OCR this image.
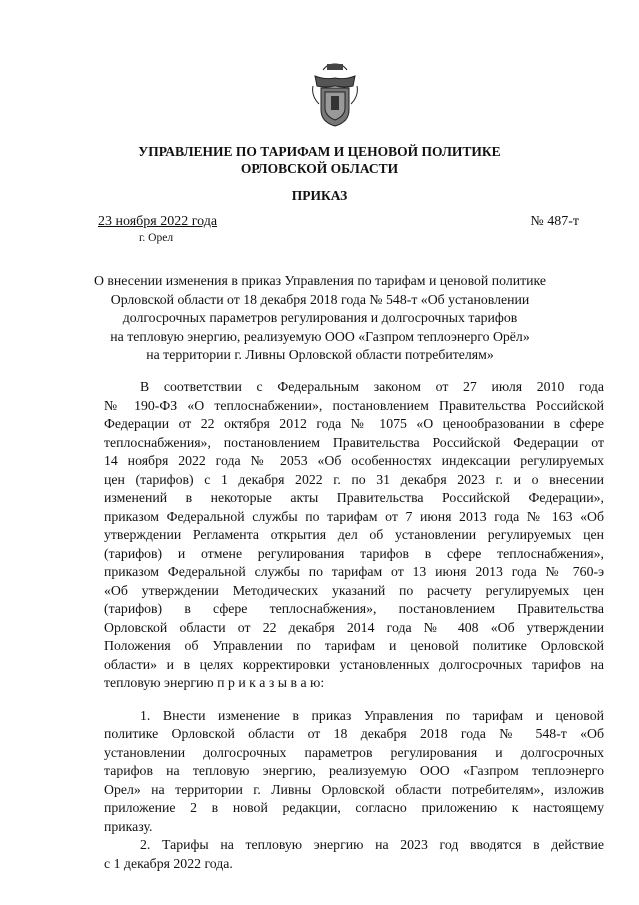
УПРАВЛЕНИЕ ПО ТАРИФАМ И ЦЕНОВОЙ ПОЛИТИКЕ
ОРЛОВСКОЙ ОБЛАСТИ
ПРИКАЗ
23 ноября 2022 года
г. Орел
№ 487-т
О внесении изменения в приказ Управления по тарифам и ценовой политике
Орловской области от 18 декабря 2018 года № 548-т «Об установлении
долгосрочных параметров регулирования и долгосрочных тарифов
на тепловую энергию, реализуемую ООО «Газпром теплоэнерго Орёл»
на территории г. Ливны Орловской области потребителям»
В соответствии с Федеральным законом от 27 июля 2010 года
№ 190-ФЗ «О теплоснабжении», постановлением Правительства Российской
Федерации от 22 октября 2012 года № 1075 «О ценообразовании в сфере
теплоснабжения», постановлением Правительства Российской Федерации от
14 ноября 2022 года № 2053 «Об особенностях индексации регулируемых
цен (тарифов) с 1 декабря 2022 г. по 31 декабря 2023 г. и о внесении
изменений в некоторые акты Правительства Российской Федерации»,
приказом Федеральной службы по тарифам от 7 июня 2013 года № 163 «Об
утверждении Регламента открытия дел об установлении регулируемых цен
(тарифов) и отмене регулирования тарифов в сфере теплоснабжения»,
приказом Федеральной службы по тарифам от 13 июня 2013 года № 760-э
«Об утверждении Методических указаний по расчету регулируемых цен
(тарифов) в сфере теплоснабжения», постановлением Правительства
Орловской области от 22 декабря 2014 года № 408 «Об утверждении
Положения об Управлении по тарифам и ценовой политике Орловской
области» и в целях корректировки установленных долгосрочных тарифов на
тепловую энергию п р и к а з ы в а ю:
1. Внести изменение в приказ Управления по тарифам и ценовой
политике Орловской области от 18 декабря 2018 года № 548-т «Об
установлении долгосрочных параметров регулирования и долгосрочных
тарифов на тепловую энергию, реализуемую ООО «Газпром теплоэнерго
Орел» на территории г. Ливны Орловской области потребителям», изложив
приложение 2 в новой редакции, согласно приложению к настоящему
приказу.
2. Тарифы на тепловую энергию на 2023 год вводятся в действие
с 1 декабря 2022 года.
